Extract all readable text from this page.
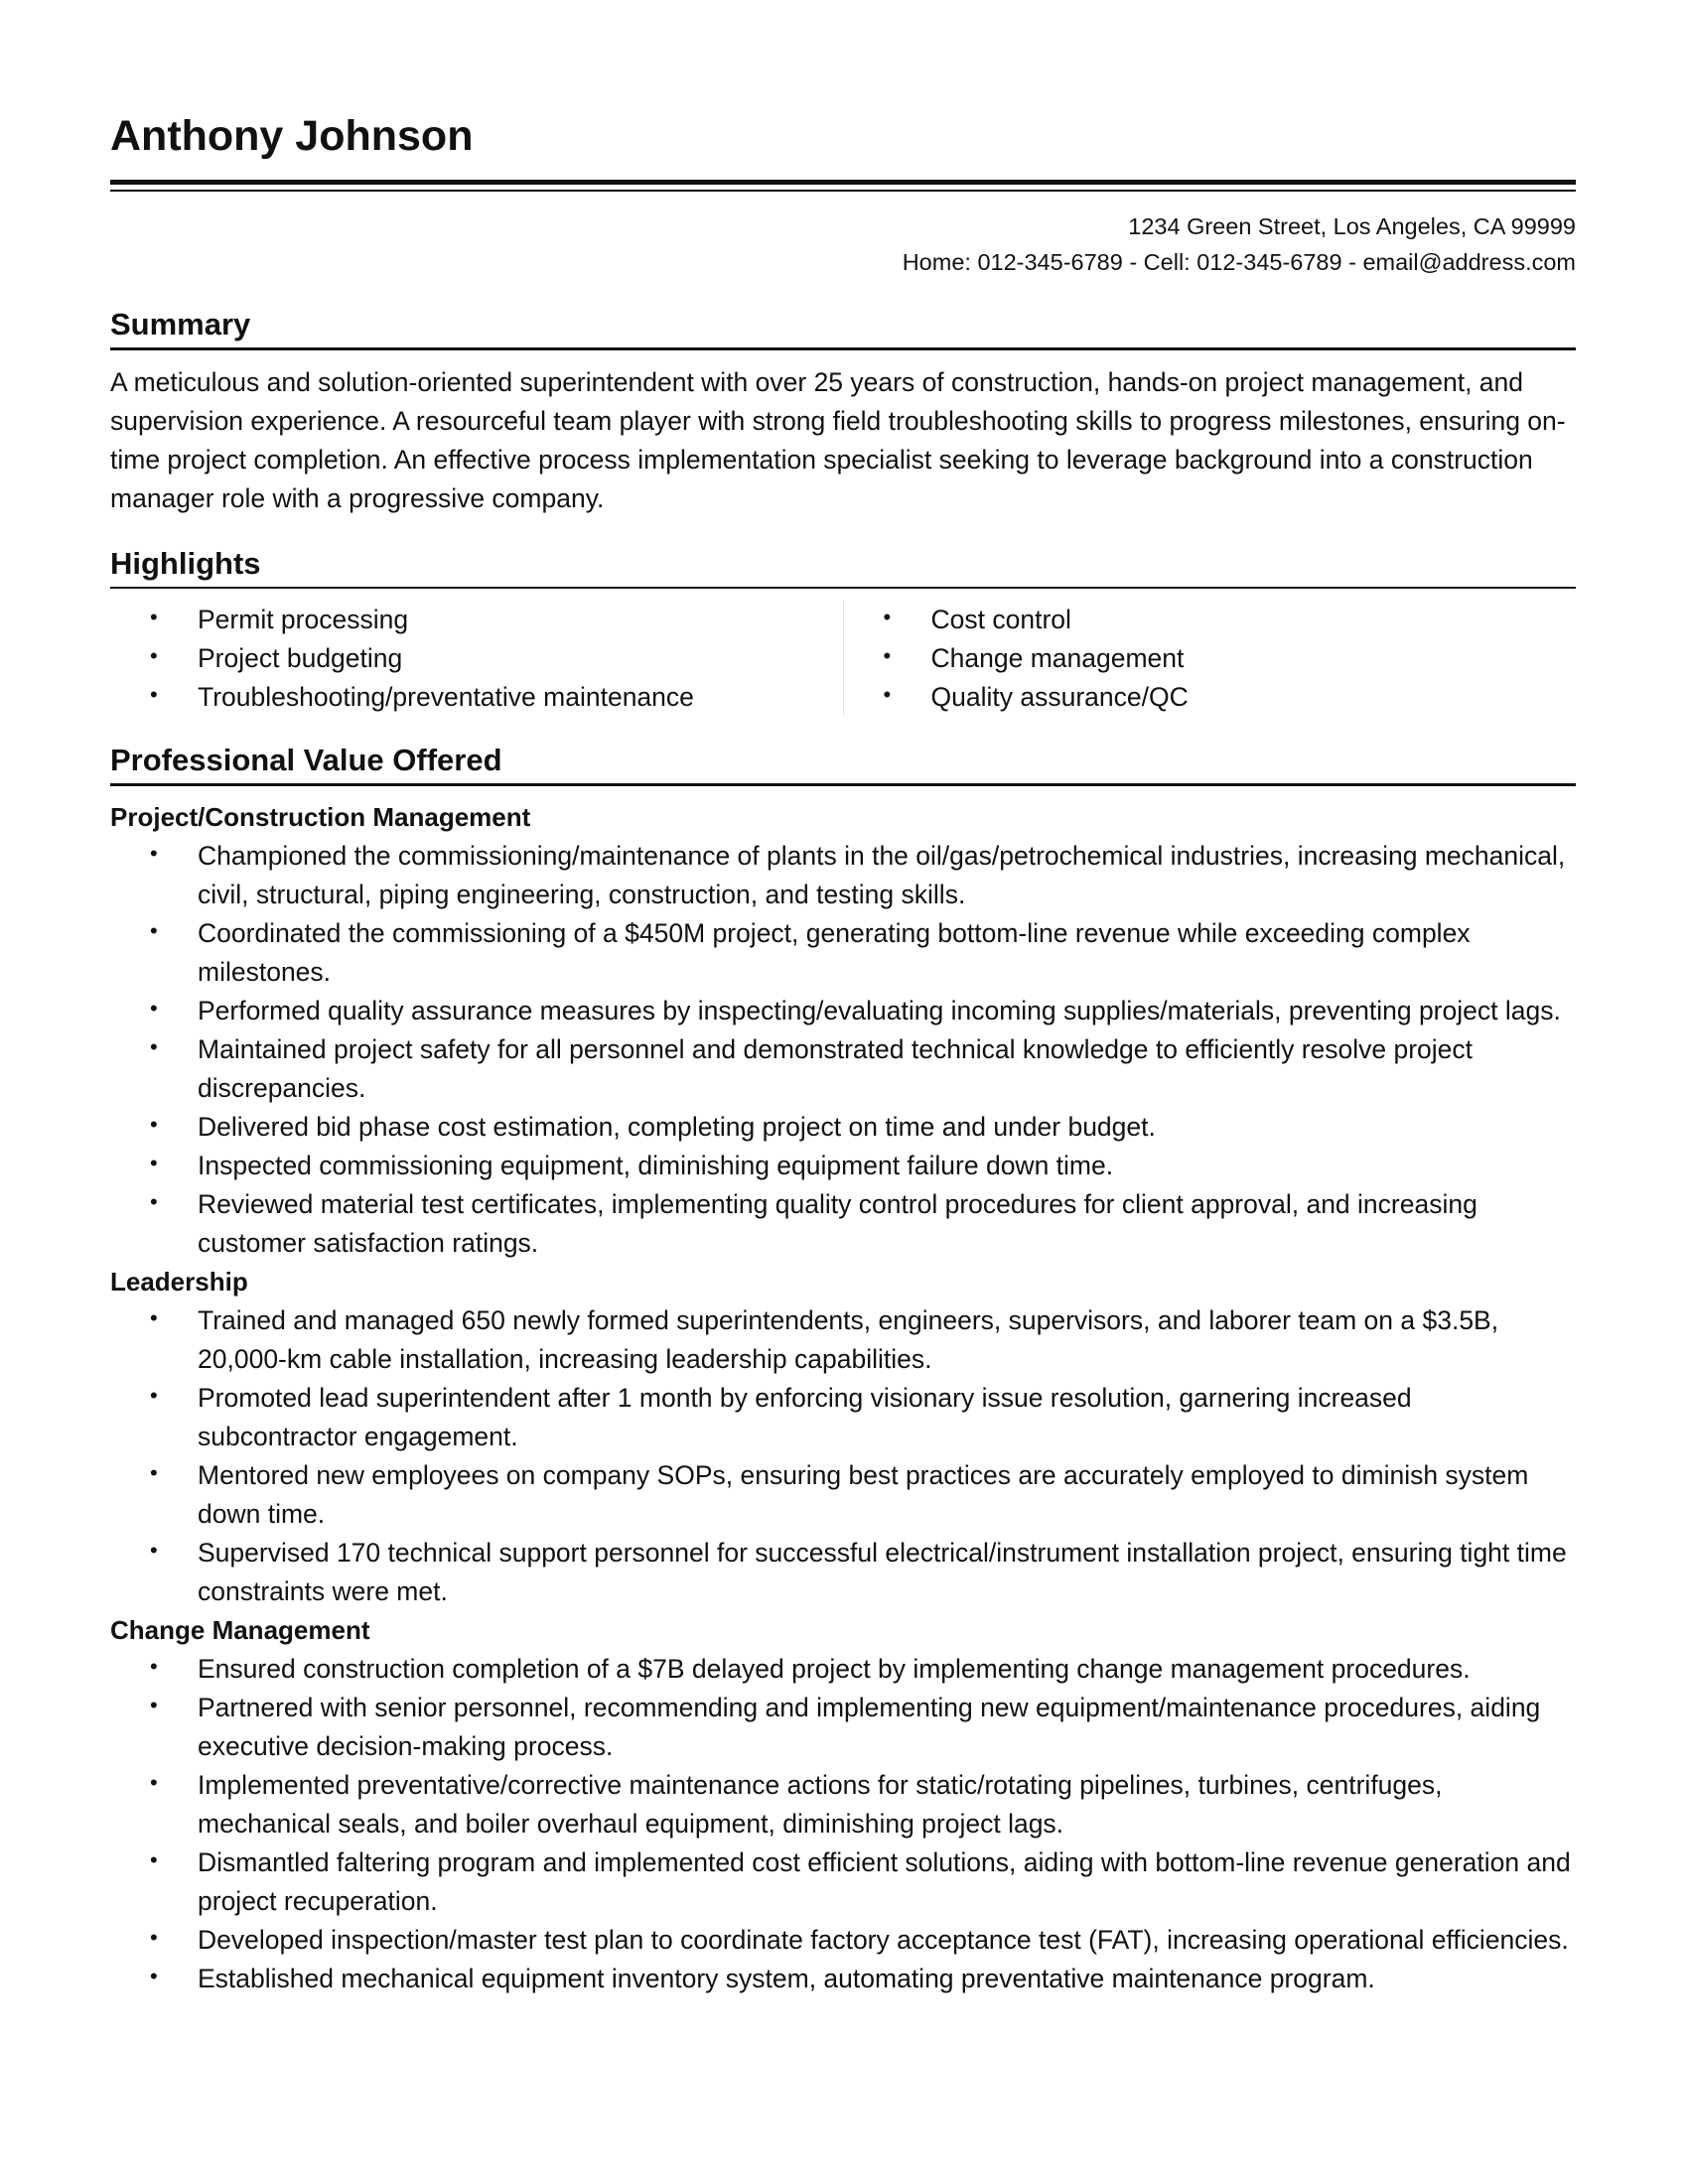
Anthony Johnson
1234 Green Street, Los Angeles, CA 99999
Home: 012-345-6789 - Cell: 012-345-6789 - email@address.com
Summary
A meticulous and solution-oriented superintendent with over 25 years of construction, hands-on project management, and supervision experience. A resourceful team player with strong field troubleshooting skills to progress milestones, ensuring on-time project completion. An effective process implementation specialist seeking to leverage background into a construction manager role with a progressive company.
Highlights
• Permit processing
• Project budgeting
• Troubleshooting/preventative maintenance
• Cost control
• Change management
• Quality assurance/QC
Professional Value Offered
Project/Construction Management
• Championed the commissioning/maintenance of plants in the oil/gas/petrochemical industries, increasing mechanical, civil, structural, piping engineering, construction, and testing skills.
• Coordinated the commissioning of a $450M project, generating bottom-line revenue while exceeding complex milestones.
• Performed quality assurance measures by inspecting/evaluating incoming supplies/materials, preventing project lags.
• Maintained project safety for all personnel and demonstrated technical knowledge to efficiently resolve project discrepancies.
• Delivered bid phase cost estimation, completing project on time and under budget.
• Inspected commissioning equipment, diminishing equipment failure down time.
• Reviewed material test certificates, implementing quality control procedures for client approval, and increasing customer satisfaction ratings.
Leadership
• Trained and managed 650 newly formed superintendents, engineers, supervisors, and laborer team on a $3.5B, 20,000-km cable installation, increasing leadership capabilities.
• Promoted lead superintendent after 1 month by enforcing visionary issue resolution, garnering increased subcontractor engagement.
• Mentored new employees on company SOPs, ensuring best practices are accurately employed to diminish system down time.
• Supervised 170 technical support personnel for successful electrical/instrument installation project, ensuring tight time constraints were met.
Change Management
• Ensured construction completion of a $7B delayed project by implementing change management procedures.
• Partnered with senior personnel, recommending and implementing new equipment/maintenance procedures, aiding executive decision-making process.
• Implemented preventative/corrective maintenance actions for static/rotating pipelines, turbines, centrifuges, mechanical seals, and boiler overhaul equipment, diminishing project lags.
• Dismantled faltering program and implemented cost efficient solutions, aiding with bottom-line revenue generation and project recuperation.
• Developed inspection/master test plan to coordinate factory acceptance test (FAT), increasing operational efficiencies.
• Established mechanical equipment inventory system, automating preventative maintenance program.
